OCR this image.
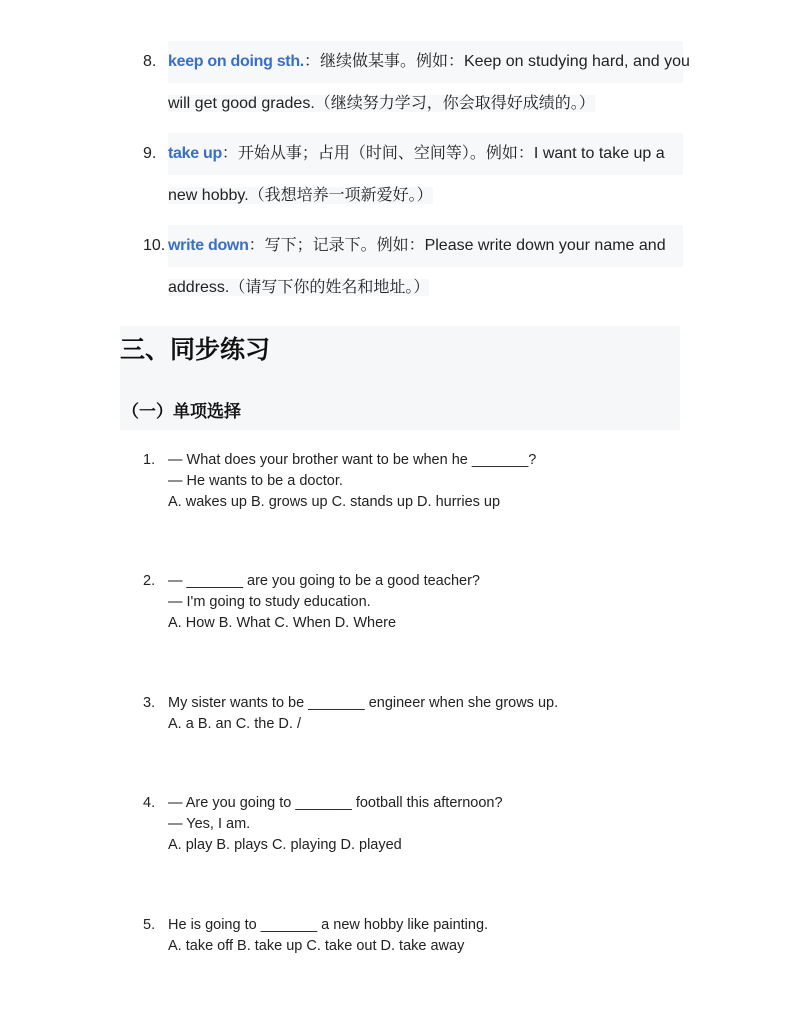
8. keep on doing sth.：继续做某事。例如：Keep on studying hard, and you
will get good grades.（继续努力学习，你会取得好成绩的。）
9. take up：开始从事；占用（时间、空间等）。例如：I want to take up a
new hobby.（我想培养一项新爱好。）
10. write down：写下；记录下。例如：Please write down your name and
address.（请写下你的姓名和地址。）
三、同步练习
（一）单项选择
1. — What does your brother want to be when he _______?
— He wants to be a doctor.
A. wakes up B. grows up C. stands up D. hurries up
2. — _______ are you going to be a good teacher?
— I'm going to study education.
A. How B. What C. When D. Where
3. My sister wants to be _______ engineer when she grows up.
A. a B. an C. the D. /
4. — Are you going to _______ football this afternoon?
— Yes, I am.
A. play B. plays C. playing D. played
5. He is going to _______ a new hobby like painting.
A. take off B. take up C. take out D. take away
